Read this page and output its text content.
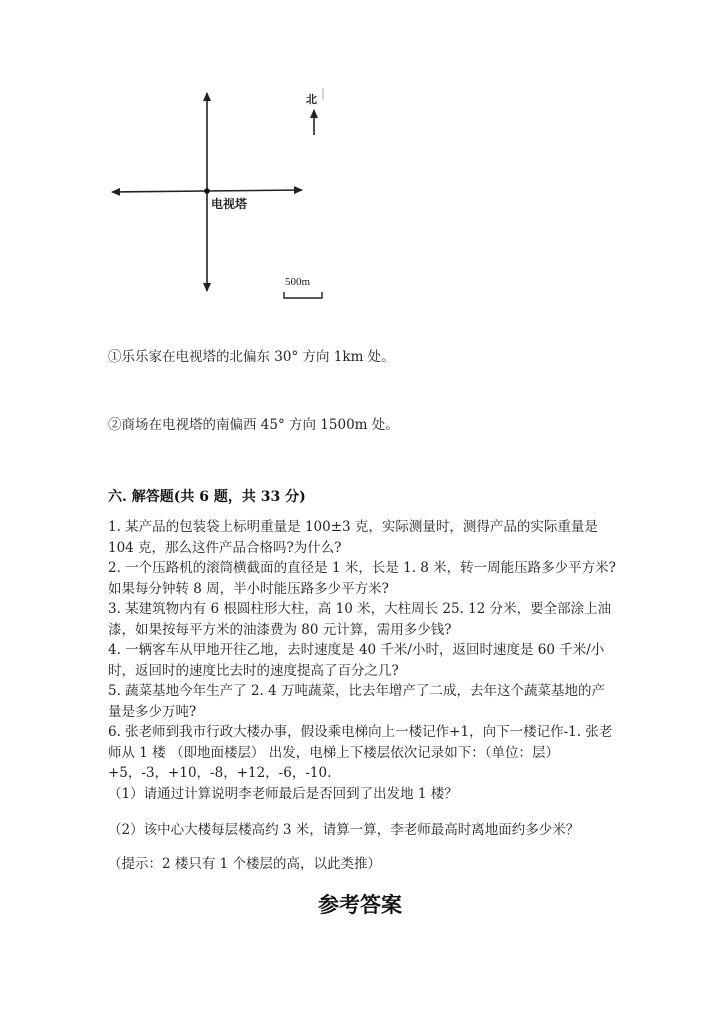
电视塔
北
500m
①乐乐家在电视塔的北偏东 30° 方向 1km 处。
②商场在电视塔的南偏西 45° 方向 1500m 处。
六. 解答题(共 6 题，共 33 分)

1. 某产品的包装袋上标明重量是 100±3 克，实际测量时，测得产品的实际重量是 104 克，那么这件产品合格吗?为什么?

2. 一个压路机的滚筒横截面的直径是 1 米，长是 1. 8 米，转一周能压路多少平方米?如果每分钟转 8 周，半小时能压路多少平方米?

3. 某建筑物内有 6 根圆柱形大柱，高 10 米，大柱周长 25. 12 分米，要全部涂上油漆，如果按每平方米的油漆费为 80 元计算，需用多少钱?

4. 一辆客车从甲地开往乙地，去时速度是 40 千米/小时，返回时速度是 60 千米/小时，返回时的速度比去时的速度提高了百分之几?

5. 蔬菜基地今年生产了 2. 4 万吨蔬菜，比去年增产了二成，去年这个蔬菜基地的产量是多少万吨?

6. 张老师到我市行政大楼办事，假设乘电梯向上一楼记作+1，向下一楼记作-1. 张老师从 1 楼 （即地面楼层） 出发，电梯上下楼层依次记录如下：（单位：层）+5，-3，+10，-8，+12，-6，-10.

（1）请通过计算说明李老师最后是否回到了出发地 1 楼？
（2）该中心大楼每层楼高约 3 米，请算一算，李老师最高时离地面约多少米？
（提示：2 楼只有 1 个楼层的高，以此类推）
参考答案
